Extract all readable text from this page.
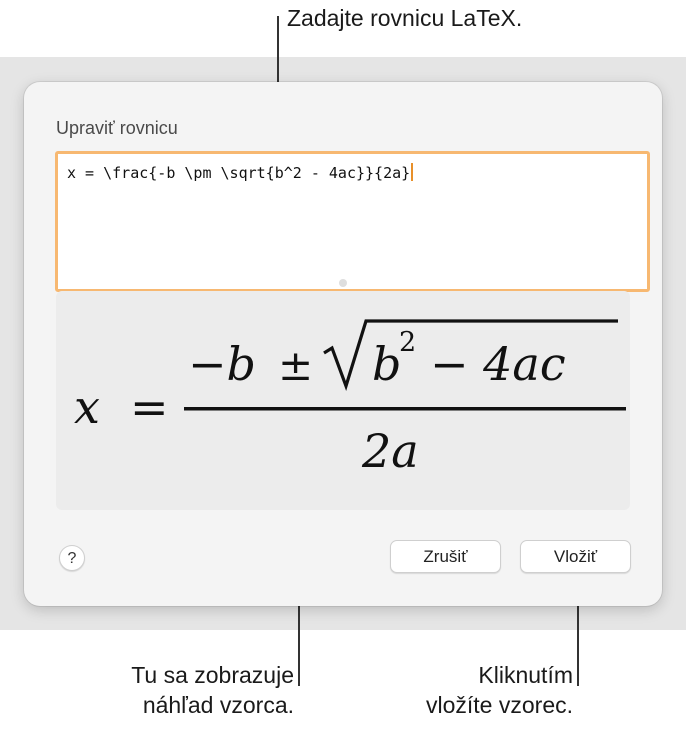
Zadajte rovnicu LaTeX.
Tu sa zobrazuje
náhľad vzorca.
Kliknutím
vložíte vzorec.
Upraviť rovnicu
x = \frac{-b \pm \sqrt{b^2 - 4ac}}{2a}
x =
−b ± b
2 − 4ac
2a
?	Zrušiť	Vložiť
